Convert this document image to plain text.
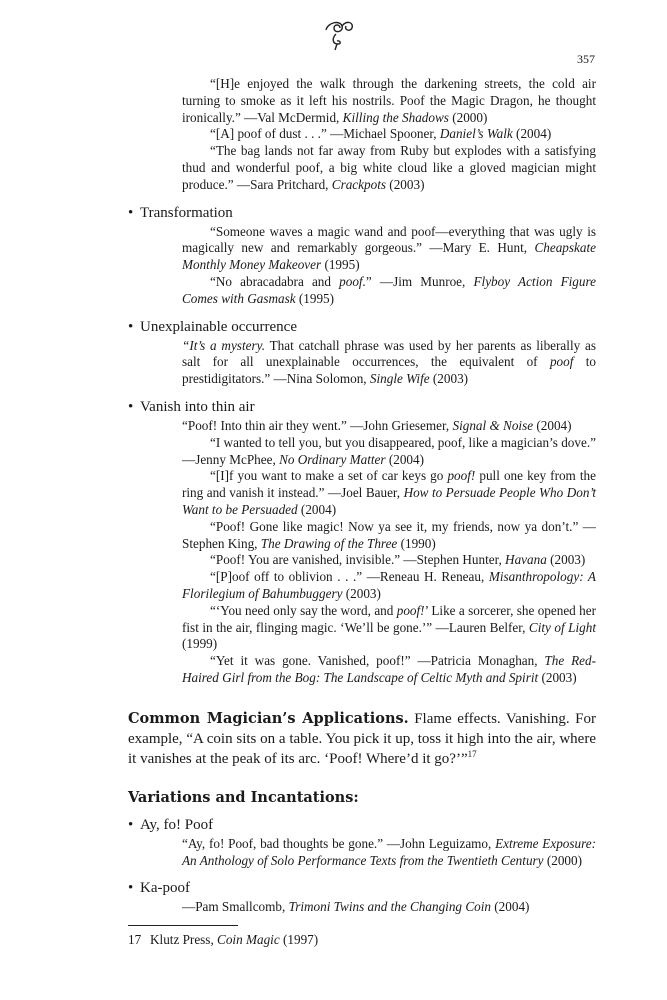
357

“[H]e enjoyed the walk through the darkening streets, the cold air turning to smoke as it left his nostrils. Poof the Magic Dragon, he thought ironically.” —Val McDermid, Killing the Shadows (2000)

“[A] poof of dust . . .” —Michael Spooner, Daniel’s Walk (2004)

“The bag lands not far away from Ruby but explodes with a satisfying thud and wonderful poof, a big white cloud like a gloved magician might produce.” —Sara Pritchard, Crackpots (2003)

• Transformation

“Someone waves a magic wand and poof—everything that was ugly is magically new and remarkably gorgeous.” —Mary E. Hunt, Cheapskate Monthly Money Makeover (1995)

“No abracadabra and poof.” —Jim Munroe, Flyboy Action Figure Comes with Gasmask (1995)

• Unexplainable occurrence

“It’s a mystery. That catchall phrase was used by her parents as liberally as salt for all unexplainable occurrences, the equivalent of poof to prestidigitators.” —Nina Solomon, Single Wife (2003)

• Vanish into thin air

“Poof! Into thin air they went.” —John Griesemer, Signal & Noise (2004)

“I wanted to tell you, but you disappeared, poof, like a magician’s dove.” —Jenny McPhee, No Ordinary Matter (2004)

“[I]f you want to make a set of car keys go poof! pull one key from the ring and vanish it instead.” —Joel Bauer, How to Persuade People Who Don’t Want to be Persuaded (2004)

“Poof! Gone like magic! Now ya see it, my friends, now ya don’t.” —Stephen King, The Drawing of the Three (1990)

“Poof! You are vanished, invisible.” —Stephen Hunter, Havana (2003)

“[P]oof off to oblivion . . .” —Reneau H. Reneau, Misanthropology: A Florilegium of Bahumbuggery (2003)

“‘You need only say the word, and poof!’ Like a sorcerer, she opened her fist in the air, flinging magic. ‘We’ll be gone.’” —Lauren Belfer, City of Light (1999)

“Yet it was gone. Vanished, poof!” —Patricia Monaghan, The Red-Haired Girl from the Bog: The Landscape of Celtic Myth and Spirit (2003)

Common Magician’s Applications. Flame effects. Vanishing. For example, “A coin sits on a table. You pick it up, toss it high into the air, where it vanishes at the peak of its arc. ‘Poof! Where’d it go?’”$^{17}$

Variations and Incantations:
• Ay, fo! Poof

“Ay, fo! Poof, bad thoughts be gone.” —John Leguizamo, Extreme Exposure: An Anthology of Solo Performance Texts from the Twentieth Century (2000)

• Ka-poof

—Pam Smallcomb, Trimoni Twins and the Changing Coin (2004)

17 Klutz Press, Coin Magic (1997)
